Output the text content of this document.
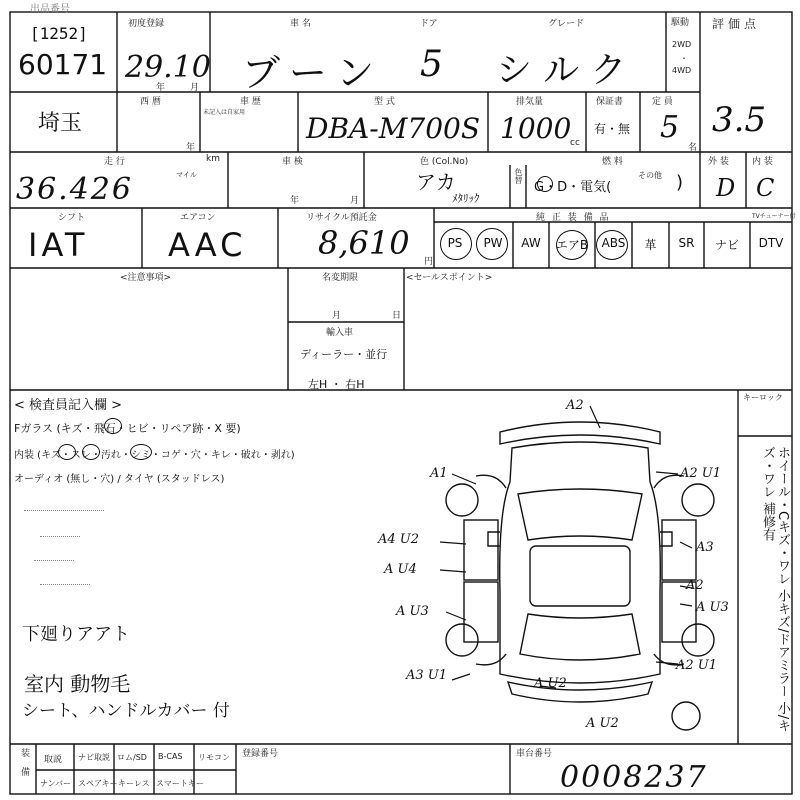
出品番号
[1252]
60171
初度登録
29.10
年	月
車 名
ブーン
ドア
5
グレード
シルク
駆動
2WD
・
4WD
評価点
3.5
埼玉
西 暦
年
車 歴
未記入は自家用
型 式
DBA-M700S
排気量
1000
cc
保証書
有・無
定 員
5
名
走 行
36.426	マイル
km	車 検
年	月
色 (Col.No)
アカ
ﾒﾀﾘｯｸ
色替
燃 料
G・D・電気(
その他 )
外 装
D
内 装
C
シフト
IAT
エアコン
AAC
リサイクル預託金
8,610 円
純 正 装 備 品	TVチューナー付
PS	PW	AW	エアB	ABS	革	SR	ナビ	DTV
<注意事項>	名変期限
月	日
輸入車
ディーラー・並行
左H ・ 右H
<セールスポイント>
< 検査員記入欄 >
Fガラス (キズ・飛石・ヒビ・リペア跡・X 要)
内装 (キズ・スレ・汚れ・シミ・コゲ・穴・キレ・破れ・剥れ)
オーディオ (無し・穴) / タイヤ (スタッドレス)
下廻りアアト
室内 動物毛
シート、ハンドルカバー 付
キーロック
ホイール・Cキズ・ワレ 小キズ/ドアミラー 小/キズ・ワレ 補修有
A2
A1	A2 U1
A4 U2
A3
A U4
A2
A U3	A U3
A3 U1
A2 U1
A U2
A U2
装備 取説 ナビ取説 ロム/SD B-CAS リモコン
ナンバー スペアキー キーレス スマートキー
登録番号	車台番号
0008237
